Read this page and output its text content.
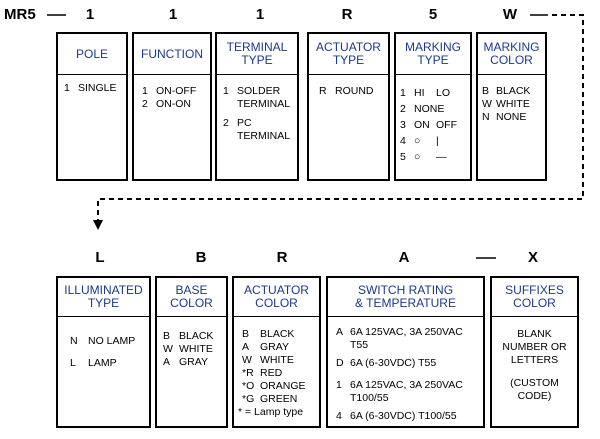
MR5	1	1	1	R	5	W
POLE
1 SINGLE
FUNCTION
1 ON-OFF
2 ON-ON
TERMINAL
TYPE
1 SOLDER
TERMINAL
2 PC
TERMINAL
ACTUATOR
TYPE
R ROUND
MARKING
TYPE
1 HI	LO
2 NONE
3 ON OFF
4 ○	|
5 ○	—
MARKING
COLOR
B BLACK
W WHITE
N NONE
L	B	R	A	X
ILLUMINATED
TYPE
N NO LAMP
L	LAMP
BASE
COLOR
B BLACK
W WHITE
A GRAY
ACTUATOR
COLOR
B	BLACK
A	GRAY
W WHITE
*R RED
*O ORANGE
*G GREEN
* = Lamp type
SWITCH RATING
& TEMPERATURE
A 6A 125VAC, 3A 250VAC
T55
D 6A (6-30VDC) T55
1 6A 125VAC, 3A 250VAC
T100/55
4 6A (6-30VDC) T100/55
SUFFIXES
COLOR
BLANK
NUMBER OR
LETTERS
(CUSTOM
CODE)
